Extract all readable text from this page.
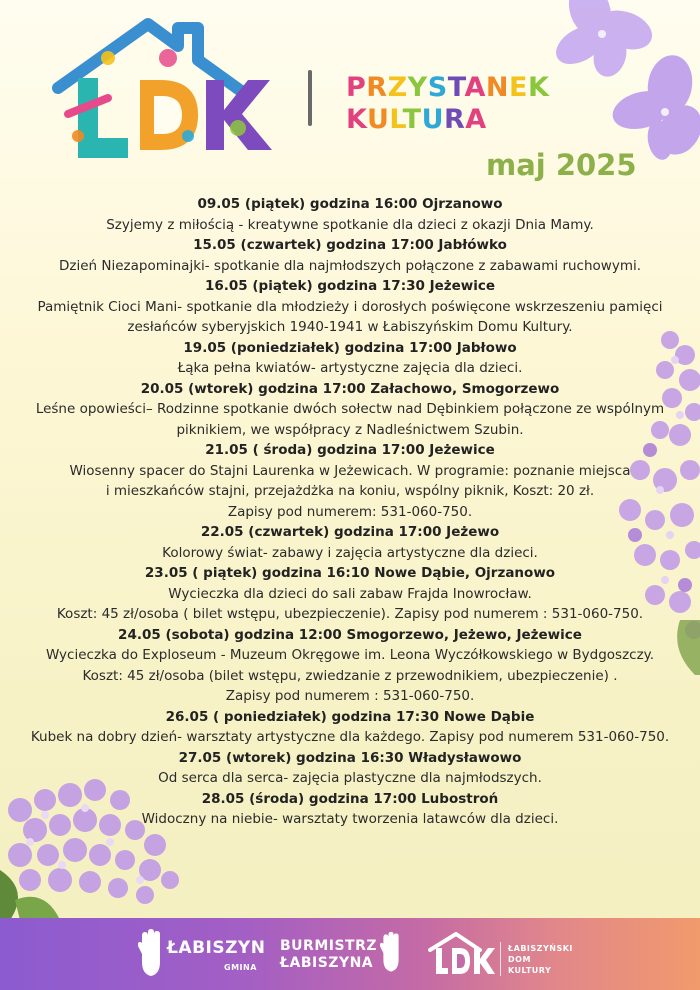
PRZYSTANEK
KULTURA
maj 2025
09.05 (piątek) godzina 16:00 Ojrzanowo
Szyjemy z miłością - kreatywne spotkanie dla dzieci z okazji Dnia Mamy.
15.05 (czwartek) godzina 17:00 Jabłówko
Dzień Niezapominajki- spotkanie dla najmłodszych połączone z zabawami ruchowymi.
16.05 (piątek) godzina 17:30 Jeżewice
Pamiętnik Cioci Mani- spotkanie dla młodzieży i dorosłych poświęcone wskrzeszeniu pamięci
zesłańców syberyjskich 1940-1941 w Łabiszyńskim Domu Kultury.
19.05 (poniedziałek) godzina 17:00 Jabłowo
Łąka pełna kwiatów- artystyczne zajęcia dla dzieci.
20.05 (wtorek) godzina 17:00 Załachowo, Smogorzewo
Leśne opowieści– Rodzinne spotkanie dwóch sołectw nad Dębinkiem połączone ze wspólnym
piknikiem, we współpracy z Nadleśnictwem Szubin.
21.05 ( środa) godzina 17:00 Jeżewice
Wiosenny spacer do Stajni Laurenka w Jeżewicach. W programie: poznanie miejsca
i mieszkańców stajni, przejażdżka na koniu, wspólny piknik, Koszt: 20 zł.
Zapisy pod numerem: 531-060-750.
22.05 (czwartek) godzina 17:00 Jeżewo
Kolorowy świat- zabawy i zajęcia artystyczne dla dzieci.
23.05 ( piątek) godzina 16:10 Nowe Dąbie, Ojrzanowo
Wycieczka dla dzieci do sali zabaw Frajda Inowrocław.
Koszt: 45 zł/osoba ( bilet wstępu, ubezpieczenie). Zapisy pod numerem : 531-060-750.
24.05 (sobota) godzina 12:00 Smogorzewo, Jeżewo, Jeżewice
Wycieczka do Exploseum - Muzeum Okręgowe im. Leona Wyczółkowskiego w Bydgoszczy.
Koszt: 45 zł/osoba (bilet wstępu, zwiedzanie z przewodnikiem, ubezpieczenie) .
Zapisy pod numerem : 531-060-750.
26.05 ( poniedziałek) godzina 17:30 Nowe Dąbie
Kubek na dobry dzień- warsztaty artystyczne dla każdego. Zapisy pod numerem 531-060-750.
27.05 (wtorek) godzina 16:30 Władysławowo
Od serca dla serca- zajęcia plastyczne dla najmłodszych.
28.05 (środa) godzina 17:00 Lubostroń
Widoczny na niebie- warsztaty tworzenia latawców dla dzieci.
ŁABISZYN
GMINA
BURMISTRZ
ŁABISZYNA
ŁABISZYŃSKI
DOM
KULTURY
